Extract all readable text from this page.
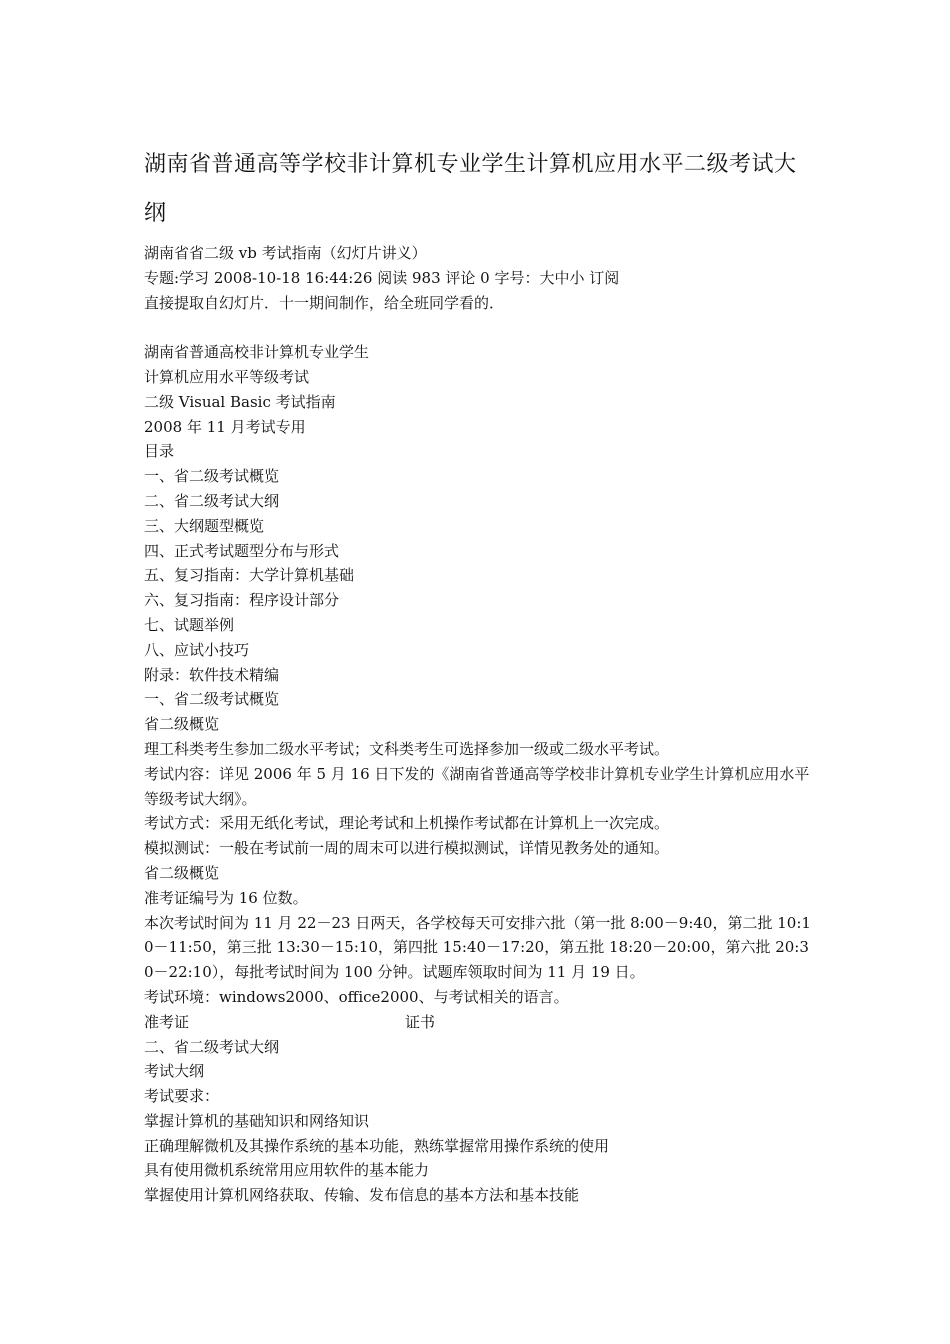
湖南省普通高等学校非计算机专业学生计算机应用水平二级考试大纲
湖南省省二级 vb 考试指南（幻灯片讲义）
专题:学习 2008-10-18 16:44:26 阅读 983 评论 0 字号：大中小 订阅
直接提取自幻灯片．十一期间制作，给全班同学看的．
湖南省普通高校非计算机专业学生
计算机应用水平等级考试
二级 Visual Basic 考试指南
2008 年 11 月考试专用
目录
一、省二级考试概览
二、省二级考试大纲
三、大纲题型概览
四、正式考试题型分布与形式
五、复习指南：大学计算机基础
六、复习指南：程序设计部分
七、试题举例
八、应试小技巧
附录：软件技术精编
一、省二级考试概览
省二级概览
理工科类考生参加二级水平考试；文科类考生可选择参加一级或二级水平考试。
考试内容：详见 2006 年 5 月 16 日下发的《湖南省普通高等学校非计算机专业学生计算机应用水平等级考试大纲》。
考试方式：采用无纸化考试，理论考试和上机操作考试都在计算机上一次完成。
模拟测试：一般在考试前一周的周末可以进行模拟测试，详情见教务处的通知。
省二级概览
准考证编号为 16 位数。
本次考试时间为 11 月 22－23 日两天，各学校每天可安排六批（第一批 8:00－9:40，第二批 10:10－11:50，第三批 13:30－15:10，第四批 15:40－17:20，第五批 18:20－20:00，第六批 20:30－22:10），每批考试时间为 100 分钟。试题库领取时间为 11 月 19 日。
考试环境：windows2000、office2000、与考试相关的语言。
准考证	证书
二、省二级考试大纲
考试大纲
考试要求：
掌握计算机的基础知识和网络知识
正确理解微机及其操作系统的基本功能，熟练掌握常用操作系统的使用
具有使用微机系统常用应用软件的基本能力
掌握使用计算机网络获取、传输、发布信息的基本方法和基本技能
